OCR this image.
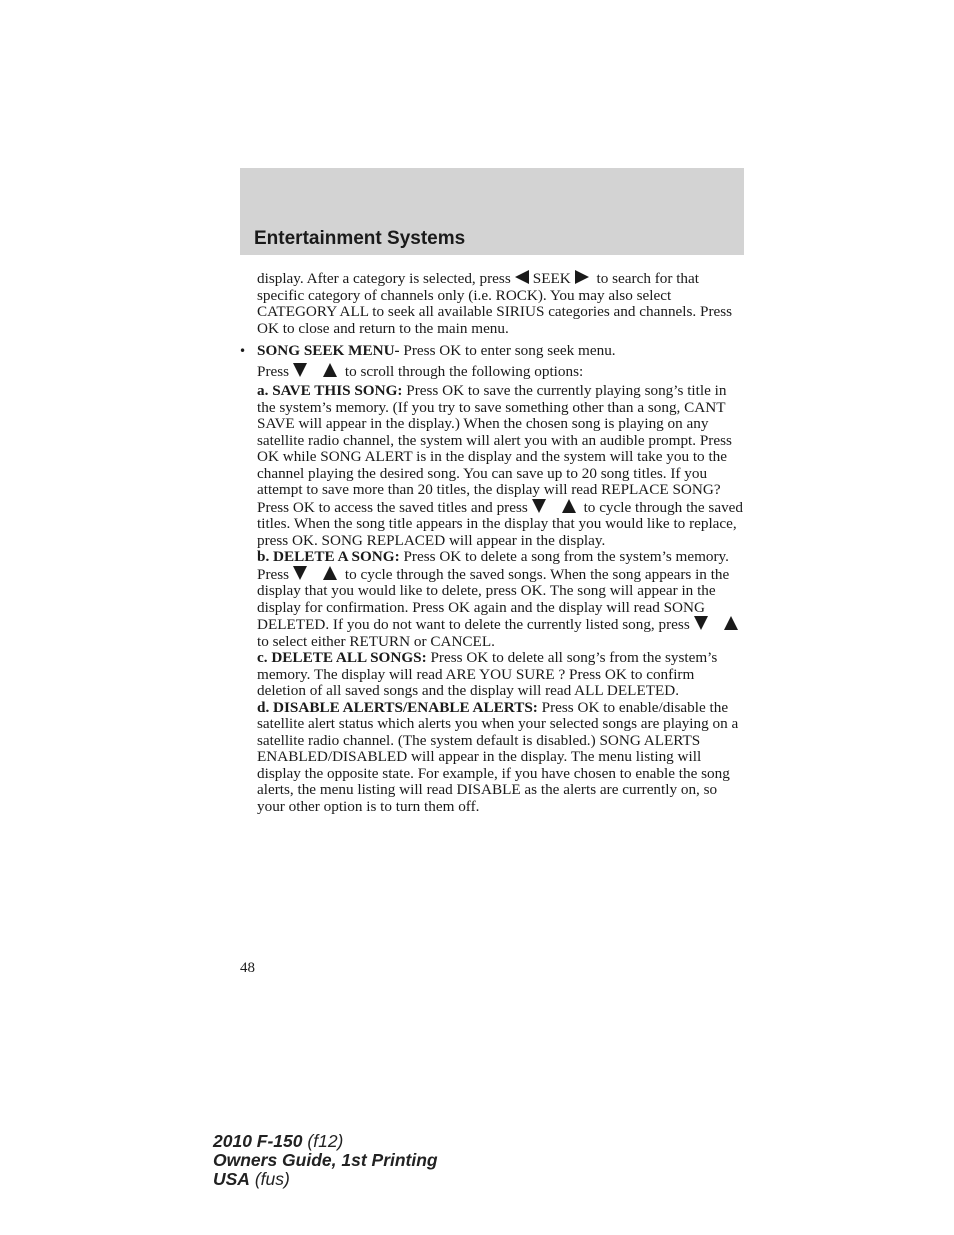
Entertainment Systems

display. After a category is selected, press SEEK to search for that specific category of channels only (i.e. ROCK). You may also select CATEGORY ALL to seek all available SIRIUS categories and channels. Press OK to close and return to the main menu.

• SONG SEEK MENU- Press OK to enter song seek menu.

Press	to scroll through the following options:

a. SAVE THIS SONG: Press OK to save the currently playing song’s title in the system’s memory. (If you try to save something other than a song, CANT SAVE will appear in the display.) When the chosen song is playing on any satellite radio channel, the system will alert you with an audible prompt. Press OK while SONG ALERT is in the display and the system will take you to the channel playing the desired song. You can save up to 20 song titles. If you attempt to save more than 20 titles, the display will read REPLACE SONG? Press OK to access the saved titles and press	to cycle through the saved titles. When the song title appears in the display that you would like to replace, press OK. SONG REPLACED will appear in the display.

b. DELETE A SONG: Press OK to delete a song from the system’s memory. Press	to cycle through the saved songs. When the song appears in the display that you would like to delete, press OK. The song will appear in the display for confirmation. Press OK again and the display will read SONG DELETED. If you do not want to delete the currently listed song, press to select either RETURN or CANCEL.

c. DELETE ALL SONGS: Press OK to delete all song’s from the system’s memory. The display will read ARE YOU SURE ? Press OK to confirm deletion of all saved songs and the display will read ALL DELETED.

d. DISABLE ALERTS/ENABLE ALERTS: Press OK to enable/disable the satellite alert status which alerts you when your selected songs are playing on a satellite radio channel. (The system default is disabled.) SONG ALERTS ENABLED/DISABLED will appear in the display. The menu listing will display the opposite state. For example, if you have chosen to enable the song alerts, the menu listing will read DISABLE as the alerts are currently on, so your other option is to turn them off.

48
2010 F-150 (f12)
Owners Guide, 1st Printing
USA (fus)
